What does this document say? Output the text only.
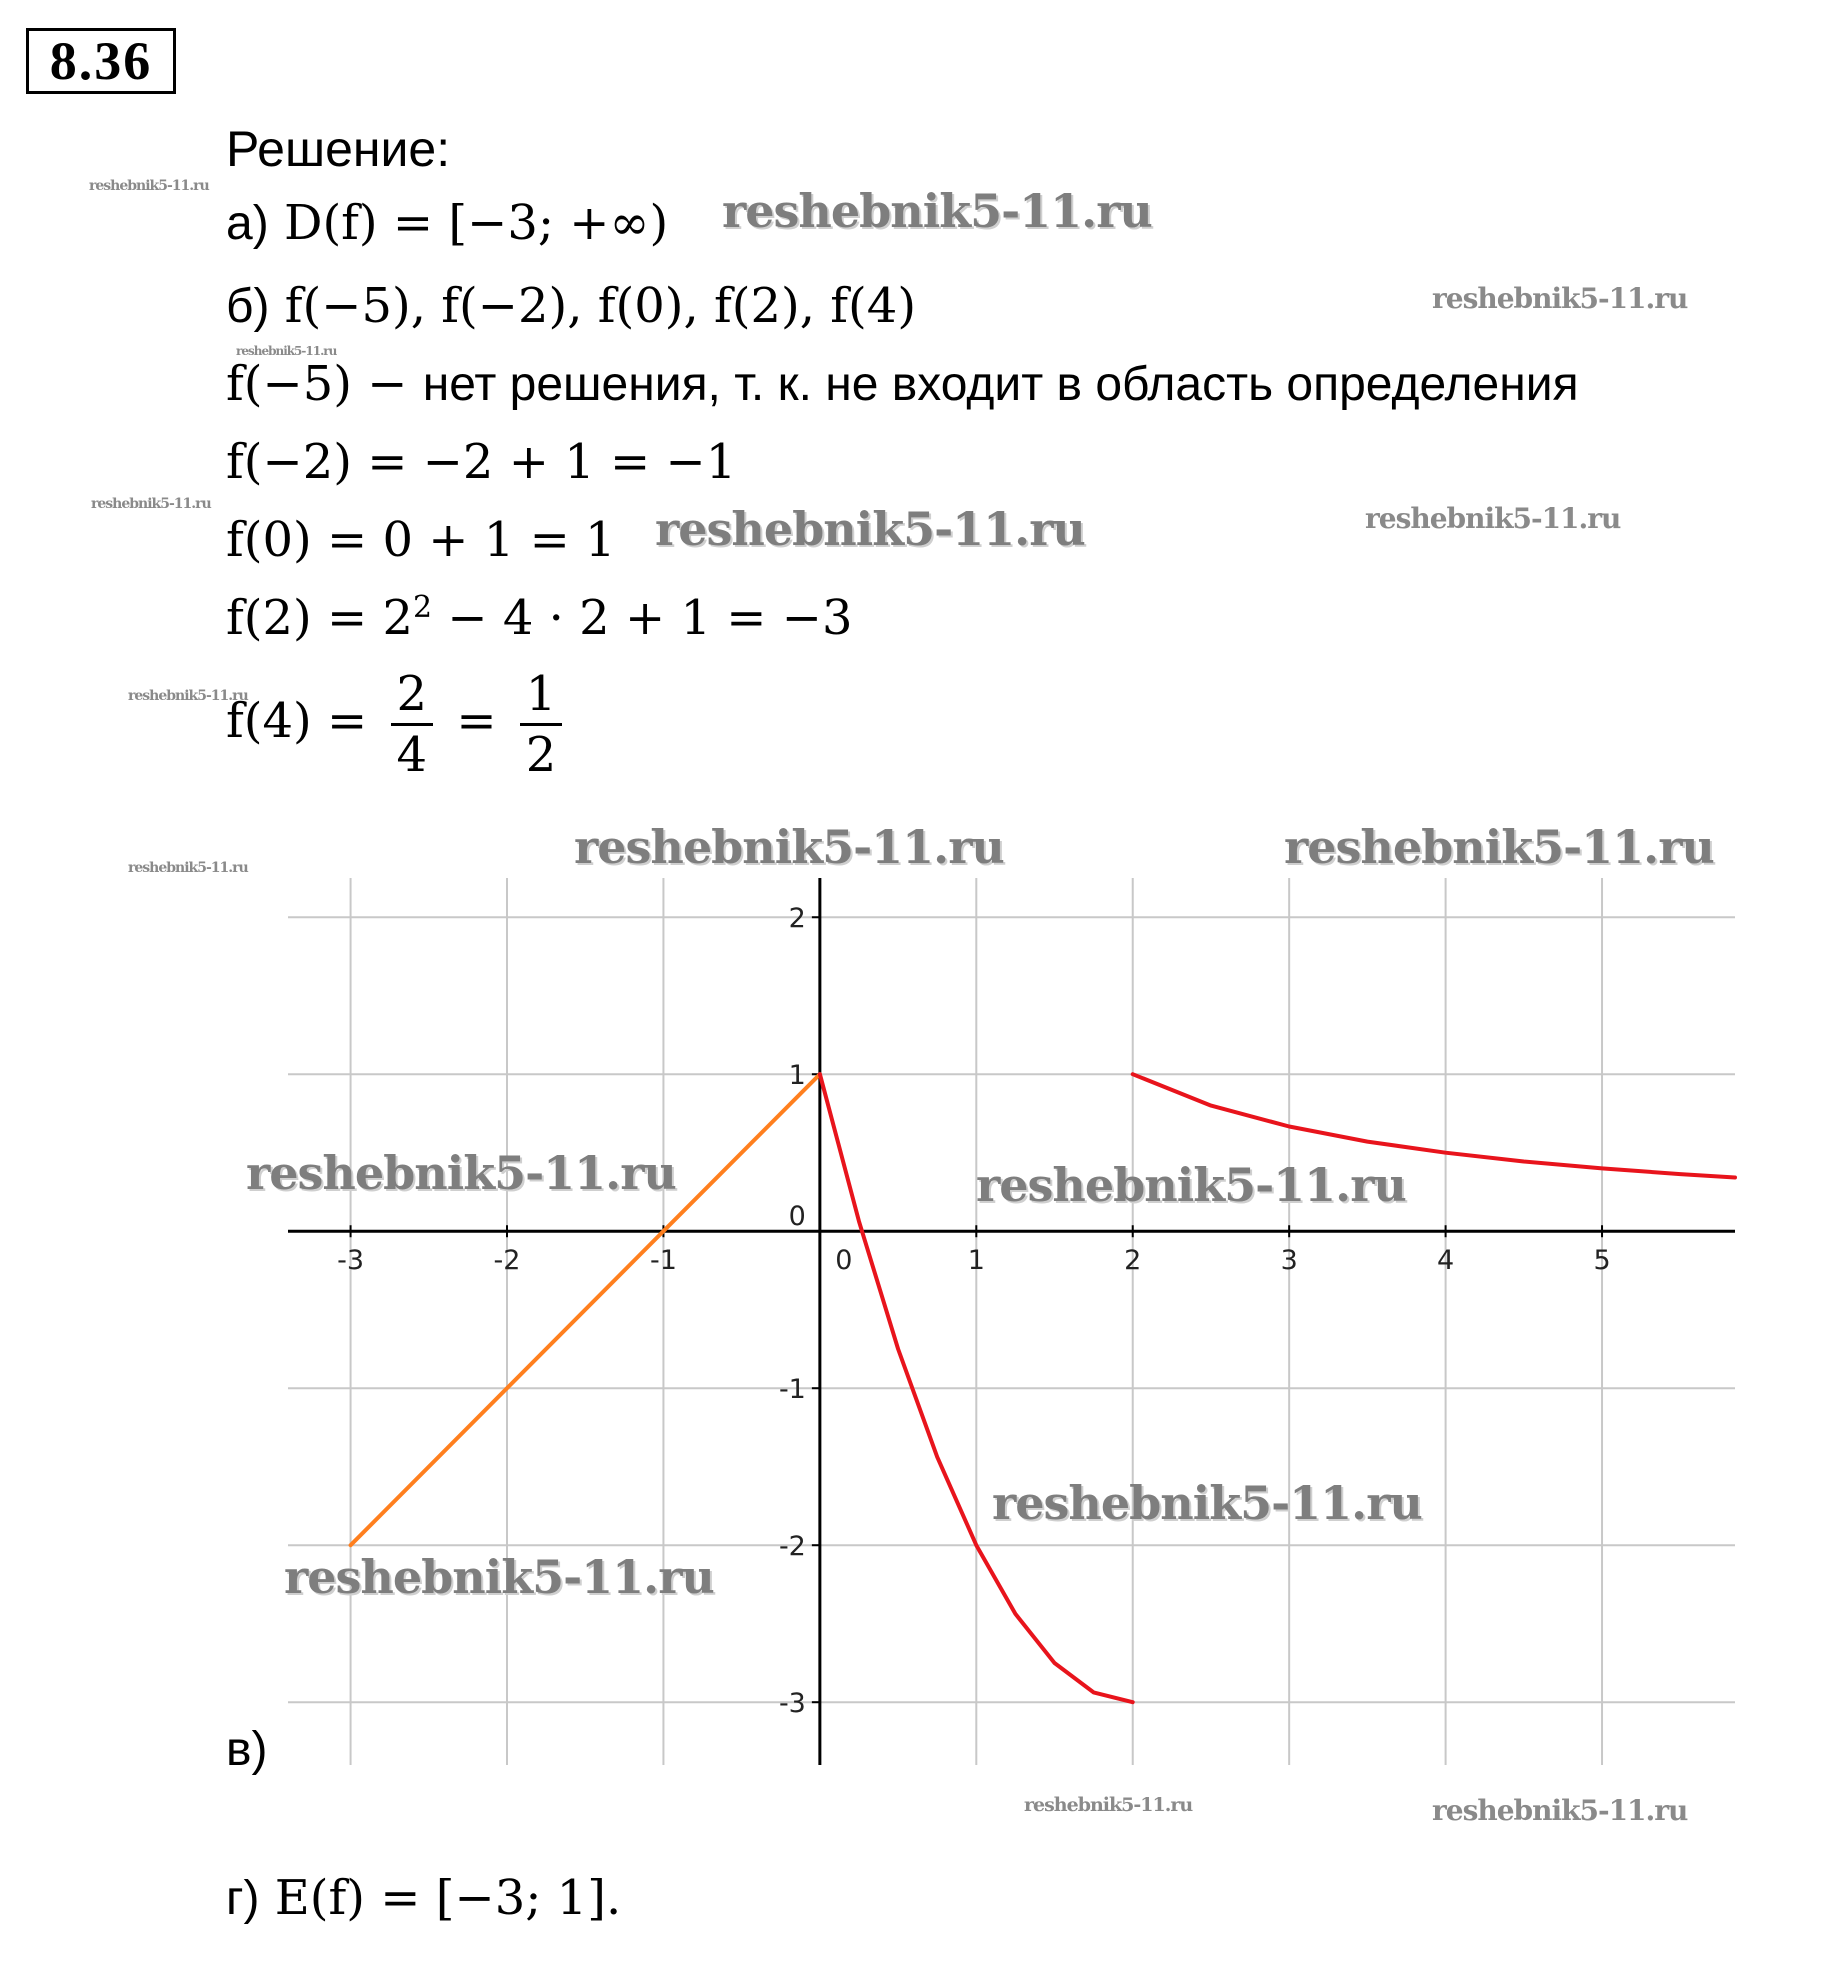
-3	-2	-1	0	1	2	3	4	5
2
1
0
-1
-2
-3
8.36
Решение:
а) D(f) = [−3; +∞)
б) f(−5), f(−2), f(0), f(2), f(4)
f(−5) − нет решения, т. к. не входит в область определения
f(−2) = −2 + 1 = −1
f(0) = 0 + 1 = 1
$f(2) = 2^2 - 4 \cdot 2 + 1 = -3$
$f(4) = \frac{2}{4} = \frac{1}{2}$
в)
г) E(f) = [−3; 1].
reshebnik5-11.ru	reshebnik5-11.ru
reshebnik5-11.ru
reshebnik5-11.ru
reshebnik5-11.ru	reshebnik5-11.ru	reshebnik5-11.ru
reshebnik5-11.ru
reshebnik5-11.ru	reshebnik5-11.ru	reshebnik5-11.ru
reshebnik5-11.ru	reshebnik5-11.ru
reshebnik5-11.ru
reshebnik5-11.ru
reshebnik5-11.ru	reshebnik5-11.ru
